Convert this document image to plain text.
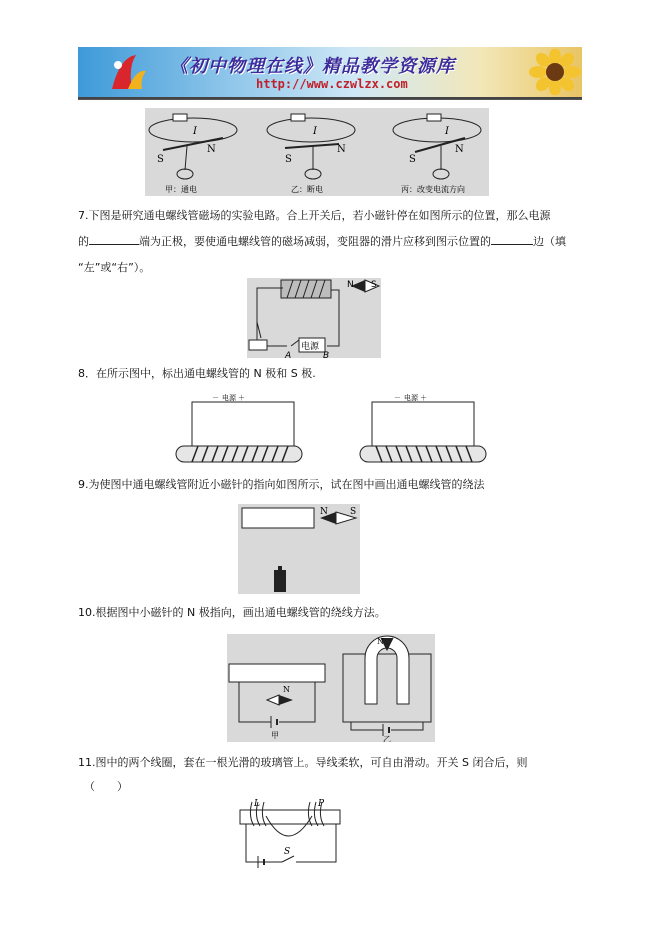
《初中物理在线》精品教学资源库
http://www.czwlzx.com
I
S
N
甲：通电
I
S
N
乙：断电
I
S
N
丙：改变电流方向
7.下图是研究通电螺线管磁场的实验电路。合上开关后，若小磁针停在如图所示的位置，那么电源
的	端为正极，要使通电螺线管的磁场减弱，变阻器的滑片应移到图示位置的	边（填
“左”或“右”）。
电源
A	B
N S
8．在所示图中，标出通电螺线管的 N 极和 S 极.
电源
－	＋	电源
－	＋
9.为使图中通电螺线管附近小磁针的指向如图所示，试在图中画出通电螺线管的绕法
N S
10.根据图中小磁针的 N 极指向，画出通电螺线管的绕线方法。
N
甲
N
乙
11.图中的两个线圈，套在一根光滑的玻璃管上。导线柔软，可自由滑动。开关 S 闭合后，则
（　　）
L	P
S
